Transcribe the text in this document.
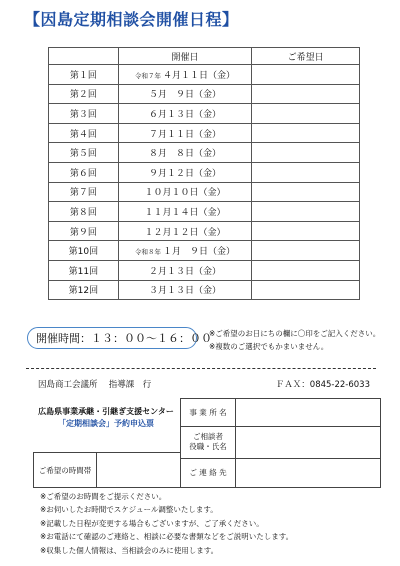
【因島定期相談会開催日程】
	開催日	ご希望日
第１回	令和７年 ４月１１日（金）	
第２回	５月　９日（金）	
第３回	６月１３日（金）	
第４回	７月１１日（金）	
第５回	８月　８日（金）	
第６回	９月１２日（金）	
第７回	１０月１０日（金）	
第８回	１１月１４日（金）	
第９回	１２月１２日（金）	
第10回	令和８年 １月　９日（金）	
第11回	２月１３日（金）	
第12回	３月１３日（金）	
開催時間：１３：００～１６：００
※ご希望のお日にちの欄に〇印をご記入ください。
※複数のご選択でもかまいません。
因島商工会議所　 指導課　行	ＦＡＸ：0845-22-6033
広島県事業承継・引継ぎ支援センター
「定期相談会」予約申込票
事 業 所 名
ご相談者
役職・氏名
ご 連 絡 先
ご希望の時間帯
※ご希望のお時間をご提示ください。
※お伺いしたお時間でスケジュール調整いたします。
※記載した日程が変更する場合もございますが、ご了承ください。
※お電話にて確認のご連絡と、相談に必要な書類などをご説明いたします。
※収集した個人情報は、当相談会のみに使用します。
